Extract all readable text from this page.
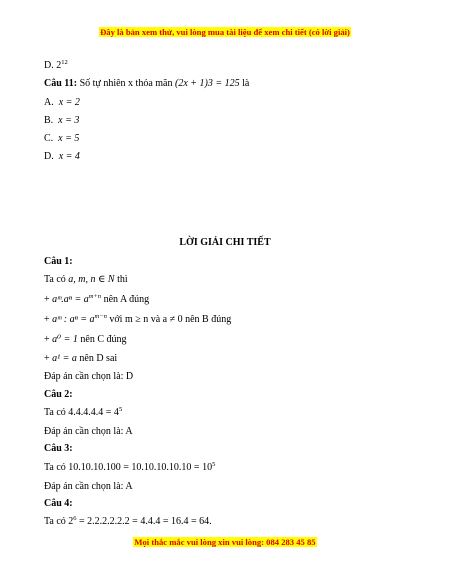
Đây là bản xem thử, vui lòng mua tài liệu để xem chi tiết (có lời giải)
D. $2^{12}$
Câu 11: Số tự nhiên x thỏa mãn (2x + 1)3 = 125 là
A. x = 2
B. x = 3
C. x = 5
D. x = 4
LỜI GIẢI CHI TIẾT
Câu 1:
Ta có a, m, n ∈ N thì
+ aᵐ.aⁿ = $a^{m+n}$ nên A đúng
+ aᵐ : $a^n = a^{m-n}$ với m ≥ n và a ≠ 0 nên B đúng
+ a⁰ = 1 nên C đúng
+ a¹ = a nên D sai
Đáp án cần chọn là: D
Câu 2:
Ta có $4.4.4.4.4 = 4^5$
Đáp án cần chọn là: A
Câu 3:
Ta có $10.10.10.100 = 10.10.10.10.10 = 10^5$
Đáp án cần chọn là: A
Câu 4:
Ta có $2^6 = 2.2.2.2.2.2 = 4.4.4 = 16.4 = 64$.
Mọi thắc mắc vui lòng xin vui lòng: 084 283 45 85
